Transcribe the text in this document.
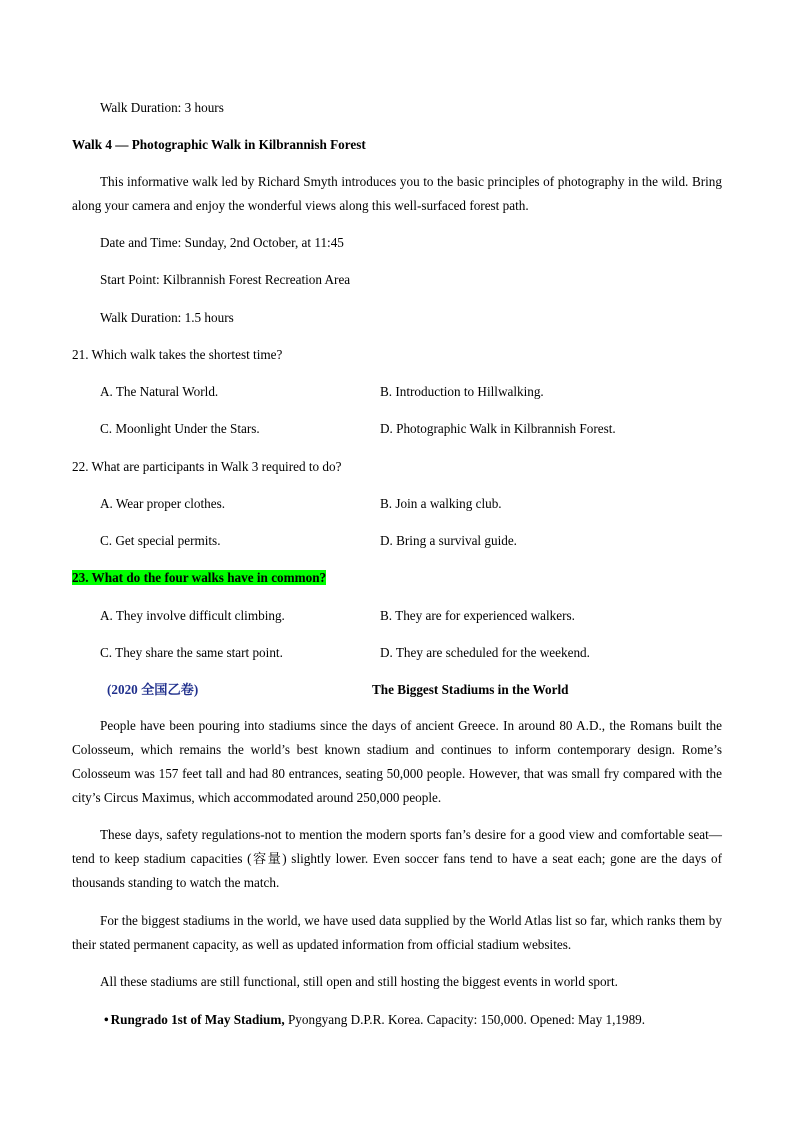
Walk Duration: 3 hours
Walk 4 — Photographic Walk in Kilbrannish Forest
This informative walk led by Richard Smyth introduces you to the basic principles of photography in the wild. Bring along your camera and enjoy the wonderful views along this well-surfaced forest path.
Date and Time: Sunday, 2nd October, at 11:45
Start Point: Kilbrannish Forest Recreation Area
Walk Duration: 1.5 hours
21. Which walk takes the shortest time?
A. The Natural World.	B. Introduction to Hillwalking.
C. Moonlight Under the Stars.	D. Photographic Walk in Kilbrannish Forest.
22. What are participants in Walk 3 required to do?
A. Wear proper clothes.	B. Join a walking club.
C. Get special permits.	D. Bring a survival guide.
23. What do the four walks have in common?
A. They involve difficult climbing.	B. They are for experienced walkers.
C. They share the same start point.	D. They are scheduled for the weekend.
(2020 全国乙卷)	The Biggest Stadiums in the World
People have been pouring into stadiums since the days of ancient Greece. In around 80 A.D., the Romans built the Colosseum, which remains the world’s best known stadium and continues to inform contemporary design. Rome’s Colosseum was 157 feet tall and had 80 entrances, seating 50,000 people. However, that was small fry compared with the city’s Circus Maximus, which accommodated around 250,000 people.
These days, safety regulations-not to mention the modern sports fan’s desire for a good view and comfortable seat—tend to keep stadium capacities (容量) slightly lower. Even soccer fans tend to have a seat each; gone are the days of thousands standing to watch the match.
For the biggest stadiums in the world, we have used data supplied by the World Atlas list so far, which ranks them by their stated permanent capacity, as well as updated information from official stadium websites.
All these stadiums are still functional, still open and still hosting the biggest events in world sport.
• Rungrado 1st of May Stadium, Pyongyang D.P.R. Korea. Capacity: 150,000. Opened: May 1,1989.
